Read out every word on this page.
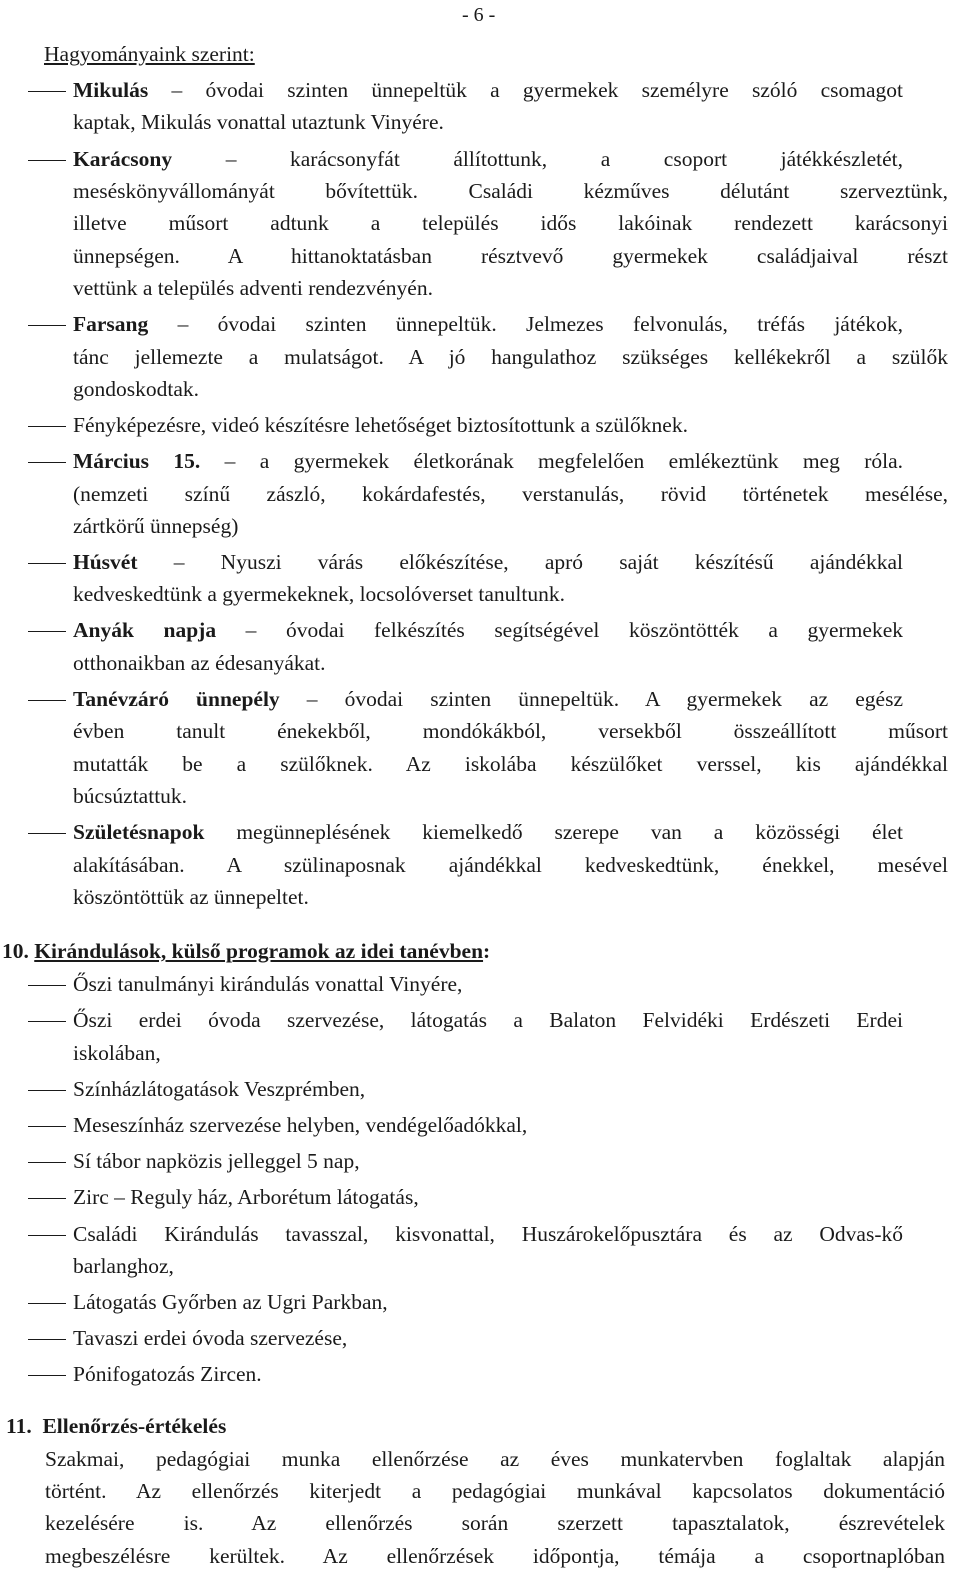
- 6 -
Hagyományaink szerint:
Mikulás – óvodai szinten ünnepeltük a gyermekek személyre szóló csomagot
kaptak, Mikulás vonattal utaztunk Vinyére.
Karácsony – karácsonyfát állítottunk, a csoport játékkészletét,
meséskönyvállományát bővítettük. Családi kézműves délutánt szerveztünk,
illetve műsort adtunk a település idős lakóinak rendezett karácsonyi
ünnepségen. A hittanoktatásban résztvevő gyermekek családjaival részt
vettünk a település adventi rendezvényén.
Farsang – óvodai szinten ünnepeltük. Jelmezes felvonulás, tréfás játékok,
tánc jellemezte a mulatságot. A jó hangulathoz szükséges kellékekről a szülők
gondoskodtak.
Fényképezésre, videó készítésre lehetőséget biztosítottunk a szülőknek.
Március 15. – a gyermekek életkorának megfelelően emlékeztünk meg róla.
(nemzeti színű zászló, kokárdafestés, verstanulás, rövid történetek mesélése,
zártkörű ünnepség)
Húsvét – Nyuszi várás előkészítése, apró saját készítésű ajándékkal
kedveskedtünk a gyermekeknek, locsolóverset tanultunk.
Anyák napja – óvodai felkészítés segítségével köszöntötték a gyermekek
otthonaikban az édesanyákat.
Tanévzáró ünnepély – óvodai szinten ünnepeltük. A gyermekek az egész
évben tanult énekekből, mondókákból, versekből összeállított műsort
mutatták be a szülőknek. Az iskolába készülőket verssel, kis ajándékkal
búcsúztattuk.
Születésnapok megünneplésének kiemelkedő szerepe van a közösségi élet
alakításában. A szülinaposnak ajándékkal kedveskedtünk, énekkel, mesével
köszöntöttük az ünnepeltet.
10. Kirándulások, külső programok az idei tanévben:
Őszi tanulmányi kirándulás vonattal Vinyére,
Őszi erdei óvoda szervezése, látogatás a Balaton Felvidéki Erdészeti Erdei
iskolában,
Színházlátogatások Veszprémben,
Meseszínház szervezése helyben, vendégelőadókkal,
Sí tábor napközis jelleggel 5 nap,
Zirc – Reguly ház, Arborétum látogatás,
Családi Kirándulás tavasszal, kisvonattal, Huszárokelőpusztára és az Odvas-kő
barlanghoz,
Látogatás Győrben az Ugri Parkban,
Tavaszi erdei óvoda szervezése,
Pónifogatozás Zircen.
11. Ellenőrzés-értékelés
Szakmai, pedagógiai munka ellenőrzése az éves munkatervben foglaltak alapján
történt. Az ellenőrzés kiterjedt a pedagógiai munkával kapcsolatos dokumentáció
kezelésére is. Az ellenőrzés során szerzett tapasztalatok, észrevételek
megbeszélésre kerültek. Az ellenőrzések időpontja, témája a csoportnaplóban
